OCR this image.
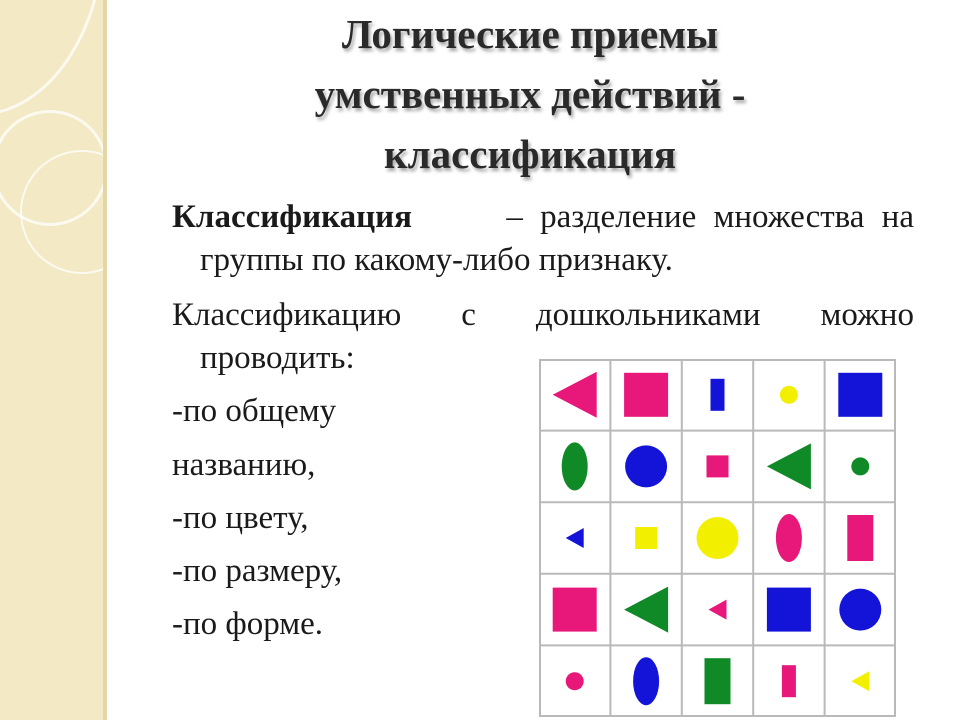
Логические приемы
умственных действий -
классификация
Классификация	– разделение множества на
группы по какому-либо признаку.
Классификацию с дошкольниками можно
проводить:
-по общему
названию,
-по цвету,
-по размеру,
-по форме.
